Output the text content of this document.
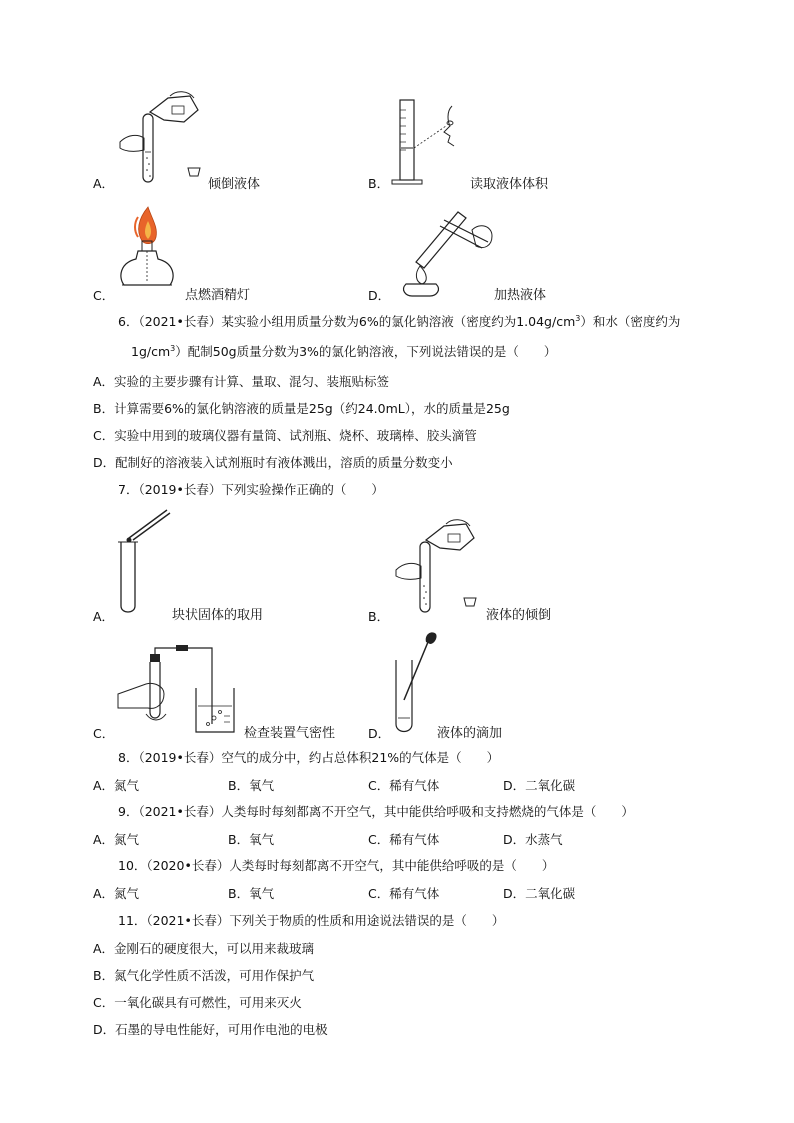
A．	倾倒液体	B．	读取液体体积
C．	点燃酒精灯	D．	加热液体
6．（2021•长春）某实验小组用质量分数为6%的氯化钠溶液（密度约为$1.04g/cm^3$）和水（密度约为
$1g/cm^3$）配制50g质量分数为3%的氯化钠溶液，下列说法错误的是（　　）
A．实验的主要步骤有计算、量取、混匀、装瓶贴标签
B．计算需要6%的氯化钠溶液的质量是25g（约24.0mL），水的质量是25g
C．实验中用到的玻璃仪器有量筒、试剂瓶、烧杯、玻璃棒、胶头滴管
D．配制好的溶液装入试剂瓶时有液体溅出，溶质的质量分数变小
7．（2019•长春）下列实验操作正确的（　　）
A．	块状固体的取用	B．	液体的倾倒
C．	检查装置气密性	D．	液体的滴加
8．（2019•长春）空气的成分中，约占总体积21%的气体是（　　）
A．氮气	B．氧气	C．稀有气体	D．二氧化碳
9．（2021•长春）人类每时每刻都离不开空气，其中能供给呼吸和支持燃烧的气体是（　　）
A．氮气	B．氧气	C．稀有气体	D．水蒸气
10．（2020•长春）人类每时每刻都离不开空气，其中能供给呼吸的是（　　）
A．氮气	B．氧气	C．稀有气体	D．二氧化碳
11．（2021•长春）下列关于物质的性质和用途说法错误的是（　　）
A．金刚石的硬度很大，可以用来裁玻璃
B．氮气化学性质不活泼，可用作保护气
C．一氧化碳具有可燃性，可用来灭火
D．石墨的导电性能好，可用作电池的电极
